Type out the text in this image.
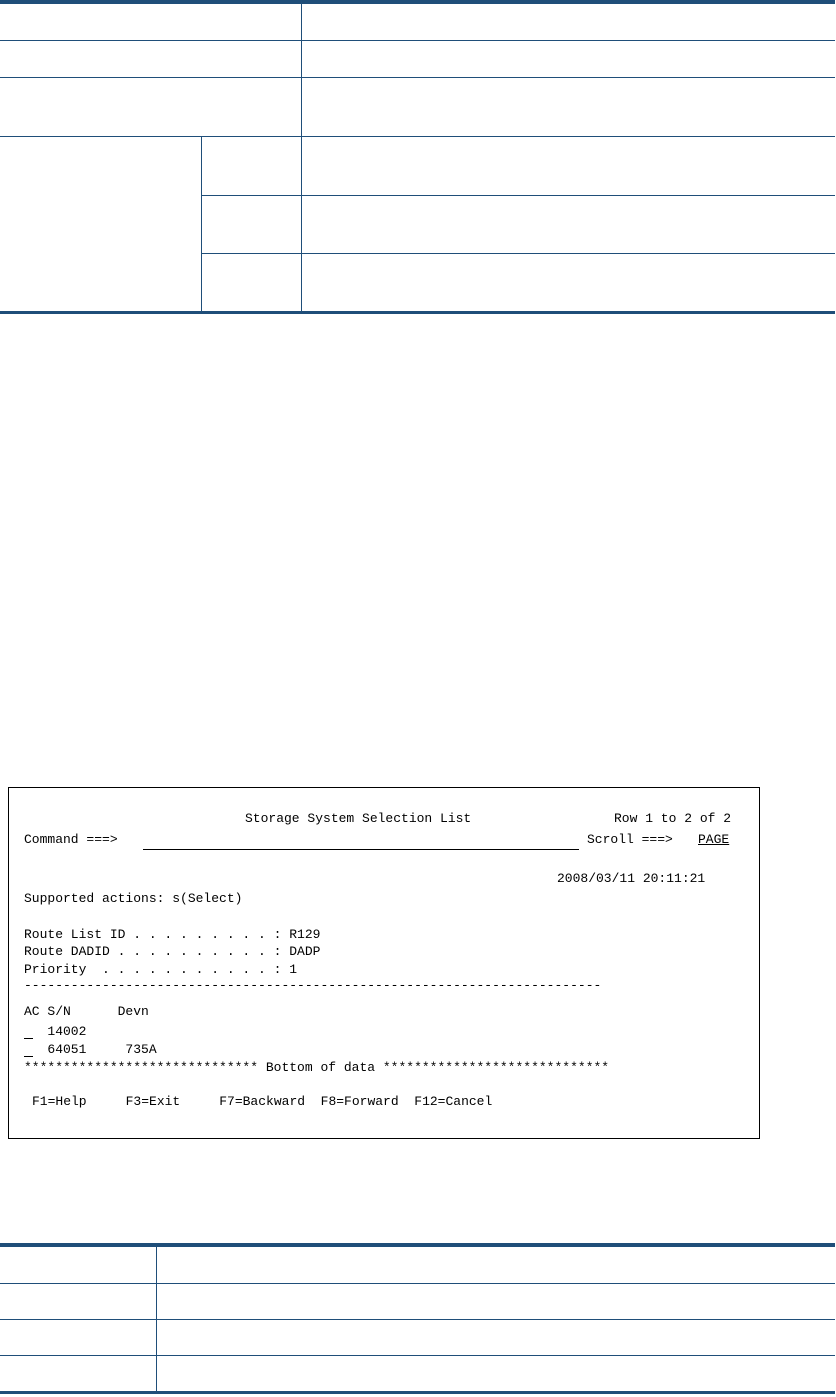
Storage System Selection List	Row 1 to 2 of 2
Command ===>	Scroll ===> PAGE
2008/03/11 20:11:21
Supported actions: s(Select)
Route List ID . . . . . . . . . : R129
Route DADID . . . . . . . . . . : DADP
Priority  . . . . . . . . . . . : 1
--------------------------------------------------------------------------
AC S/N      Devn
14002
64051     735A
****************************** Bottom of data *****************************
F1=Help     F3=Exit     F7=Backward  F8=Forward  F12=Cancel
